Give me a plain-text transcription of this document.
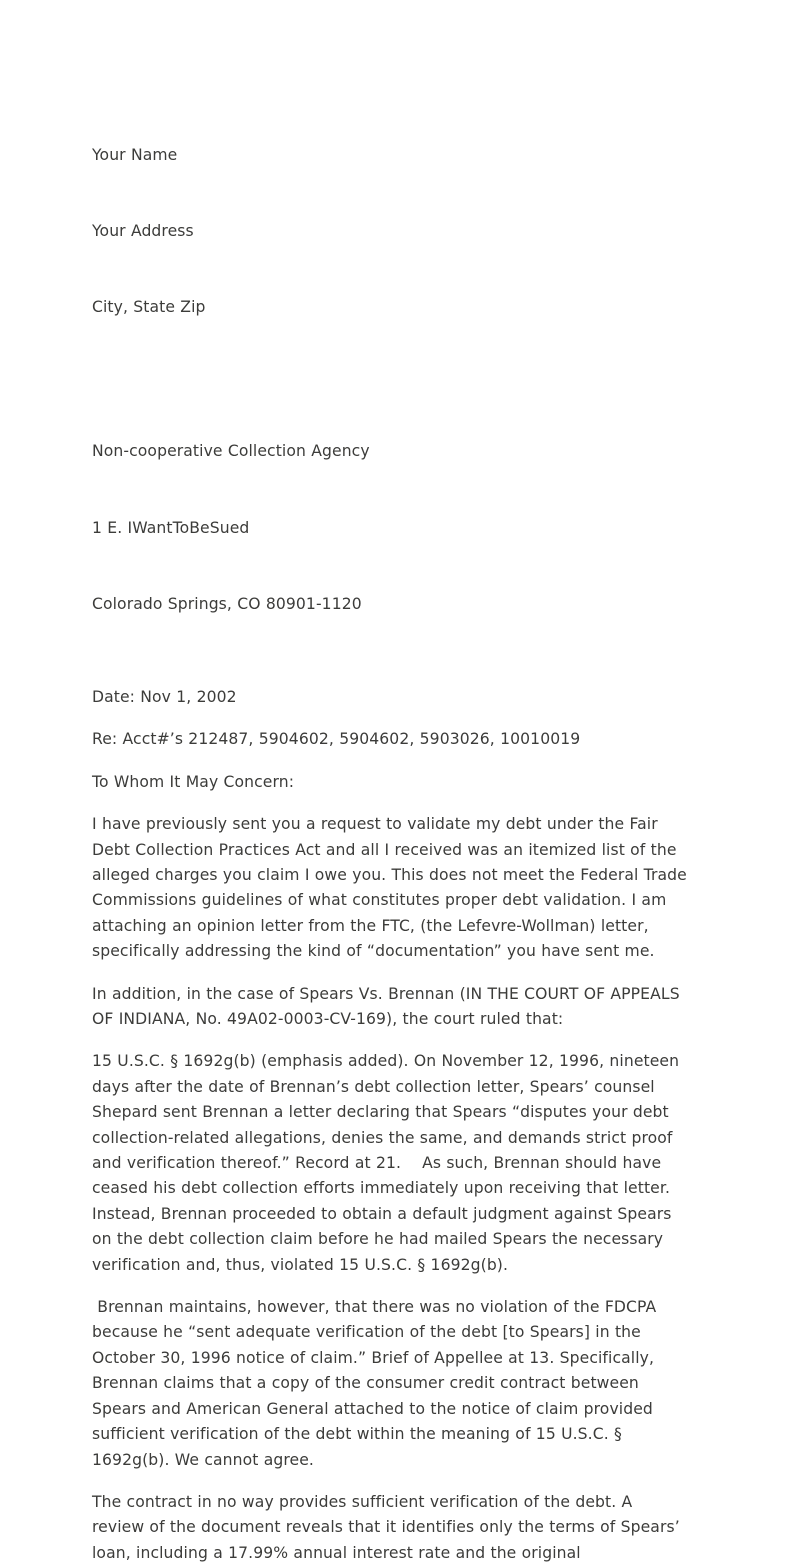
Your Name

Your Address

City, State Zip

Non-cooperative Collection Agency

1 E. IWantToBeSued

Colorado Springs, CO 80901-1120

Date: Nov 1, 2002

Re: Acct#’s 212487, 5904602, 5904602, 5903026, 10010019

To Whom It May Concern:

I have previously sent you a request to validate my debt under the Fair Debt Collection Practices Act and all I received was an itemized list of the alleged charges you claim I owe you. This does not meet the Federal Trade Commissions guidelines of what constitutes proper debt validation. I am attaching an opinion letter from the FTC, (the Lefevre-Wollman) letter, specifically addressing the kind of “documentation” you have sent me.

In addition, in the case of Spears Vs. Brennan (IN THE COURT OF APPEALS OF INDIANA, No. 49A02-0003-CV-169), the court ruled that:

15 U.S.C. § 1692g(b) (emphasis added). On November 12, 1996, nineteen days after the date of Brennan’s debt collection letter, Spears’ counsel Shepard sent Brennan a letter declaring that Spears “disputes your debt collection-related allegations, denies the same, and demands strict proof and verification thereof.” Record at 21.    As such, Brennan should have ceased his debt collection efforts immediately upon receiving that letter. Instead, Brennan proceeded to obtain a default judgment against Spears on the debt collection claim before he had mailed Spears the necessary verification and, thus, violated 15 U.S.C. § 1692g(b).

Brennan maintains, however, that there was no violation of the FDCPA because he “sent adequate verification of the debt [to Spears] in the October 30, 1996 notice of claim.” Brief of Appellee at 13. Specifically, Brennan claims that a copy of the consumer credit contract between Spears and American General attached to the notice of claim provided sufficient verification of the debt within the meaning of 15 U.S.C. § 1692g(b). We cannot agree.

The contract in no way provides sufficient verification of the debt. A review of the document reveals that it identifies only the terms of Spears’ loan, including a 17.99% annual interest rate and the original
